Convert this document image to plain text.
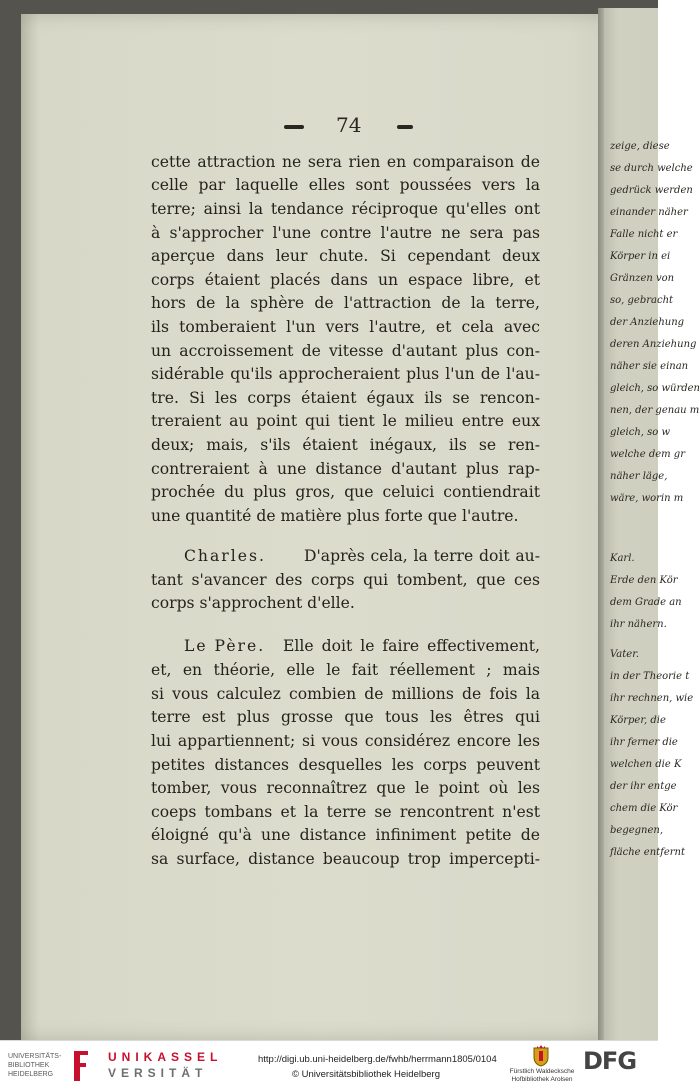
zeige, diese
se durch welche
gedrück werden
einander näher
Falle nicht er
Körper in ei
Gränzen von
so, gebracht
der Anziehung
deren Anziehung
näher sie einan
gleich, so würden
nen, der genau m
gleich, so w
welche dem gr
näher läge,
wäre, worin m
Karl.
Erde den Kör
dem Grade an
ihr nähern.
Vater.
in der Theorie t
ihr rechnen, wie
Körper, die
ihr ferner die
welchen die K
der ihr entge
chem die Kör
begegnen,
fläche entfernt
74
cette attraction ne sera rien en comparaison de
celle par laquelle elles sont poussées vers la
terre; ainsi la tendance réciproque qu'elles ont
à s'approcher l'une contre l'autre ne sera pas
aperçue dans leur chute. Si cependant deux
corps étaient placés dans un espace libre, et
hors de la sphère de l'attraction de la terre,
ils tomberaient l'un vers l'autre, et cela avec
un accroissement de vitesse d'autant plus con-
sidérable qu'ils approcheraient plus l'un de l'au-
tre. Si les corps étaient égaux ils se rencon-
treraient au point qui tient le milieu entre eux
deux; mais, s'ils étaient inégaux, ils se ren-
contreraient à une distance d'autant plus rap-
prochée du plus gros, que celuici contiendrait
une quantité de matière plus forte que l'autre.
Charles.	D'après cela, la terre doit au-
tant s'avancer des corps qui tombent, que ces
corps s'approchent d'elle.
Le Père.	Elle doit le faire effectivement,
et, en théorie, elle le fait réellement ; mais
si vous calculez combien de millions de fois la
terre est plus grosse que tous les êtres qui
lui appartiennent; si vous considérez encore les
petites distances desquelles les corps peuvent
tomber, vous reconnaîtrez que le point où les
coeps tombans et la terre se rencontrent n'est
éloigné qu'à une distance infiniment petite de
sa surface, distance beaucoup trop impercepti-
UNIVERSITÄTS-
BIBLIOTHEK
HEIDELBERG
UNIKASSEL
VERSITÄT
http://digi.ub.uni-heidelberg.de/fwhb/herrmann1805/0104
© Universitätsbibliothek Heidelberg	Fürstlich Waldecksche
Hofbibliothek Arolsen
DFG
